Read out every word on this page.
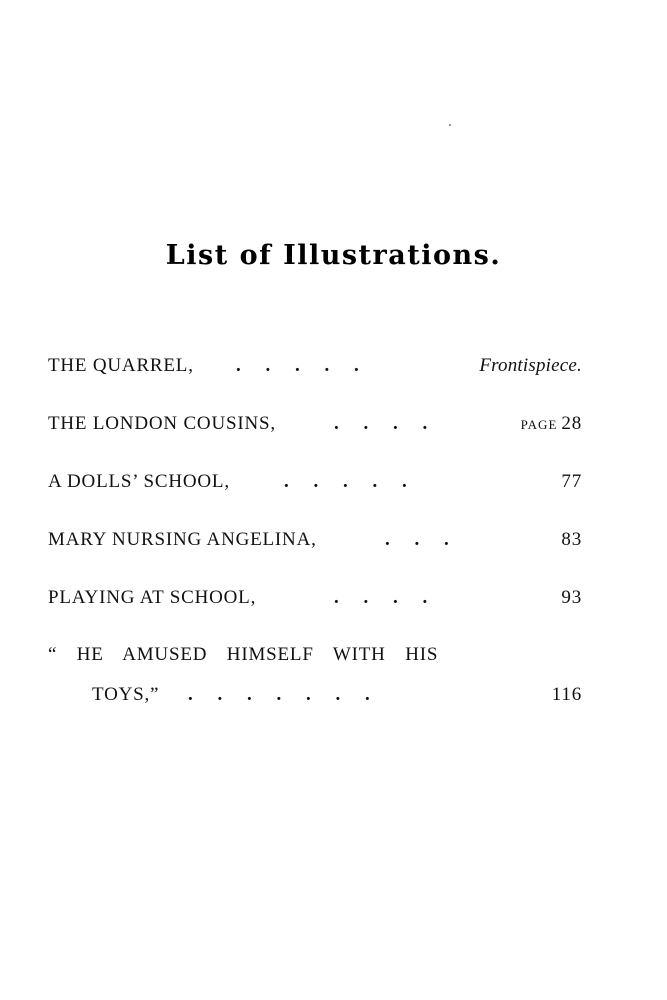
List of Illustrations.
THE QUARREL, . . . . .	Frontispiece.
THE LONDON COUSINS,	. . . .	PAGE 28
A DOLLS’ SCHOOL,	. . . . .	77
MARY NURSING ANGELINA,	. . .	83
PLAYING AT SCHOOL,	. . . .	93
“ HE AMUSED HIMSELF WITH HIS
TOYS,” . . . . . . .	116
